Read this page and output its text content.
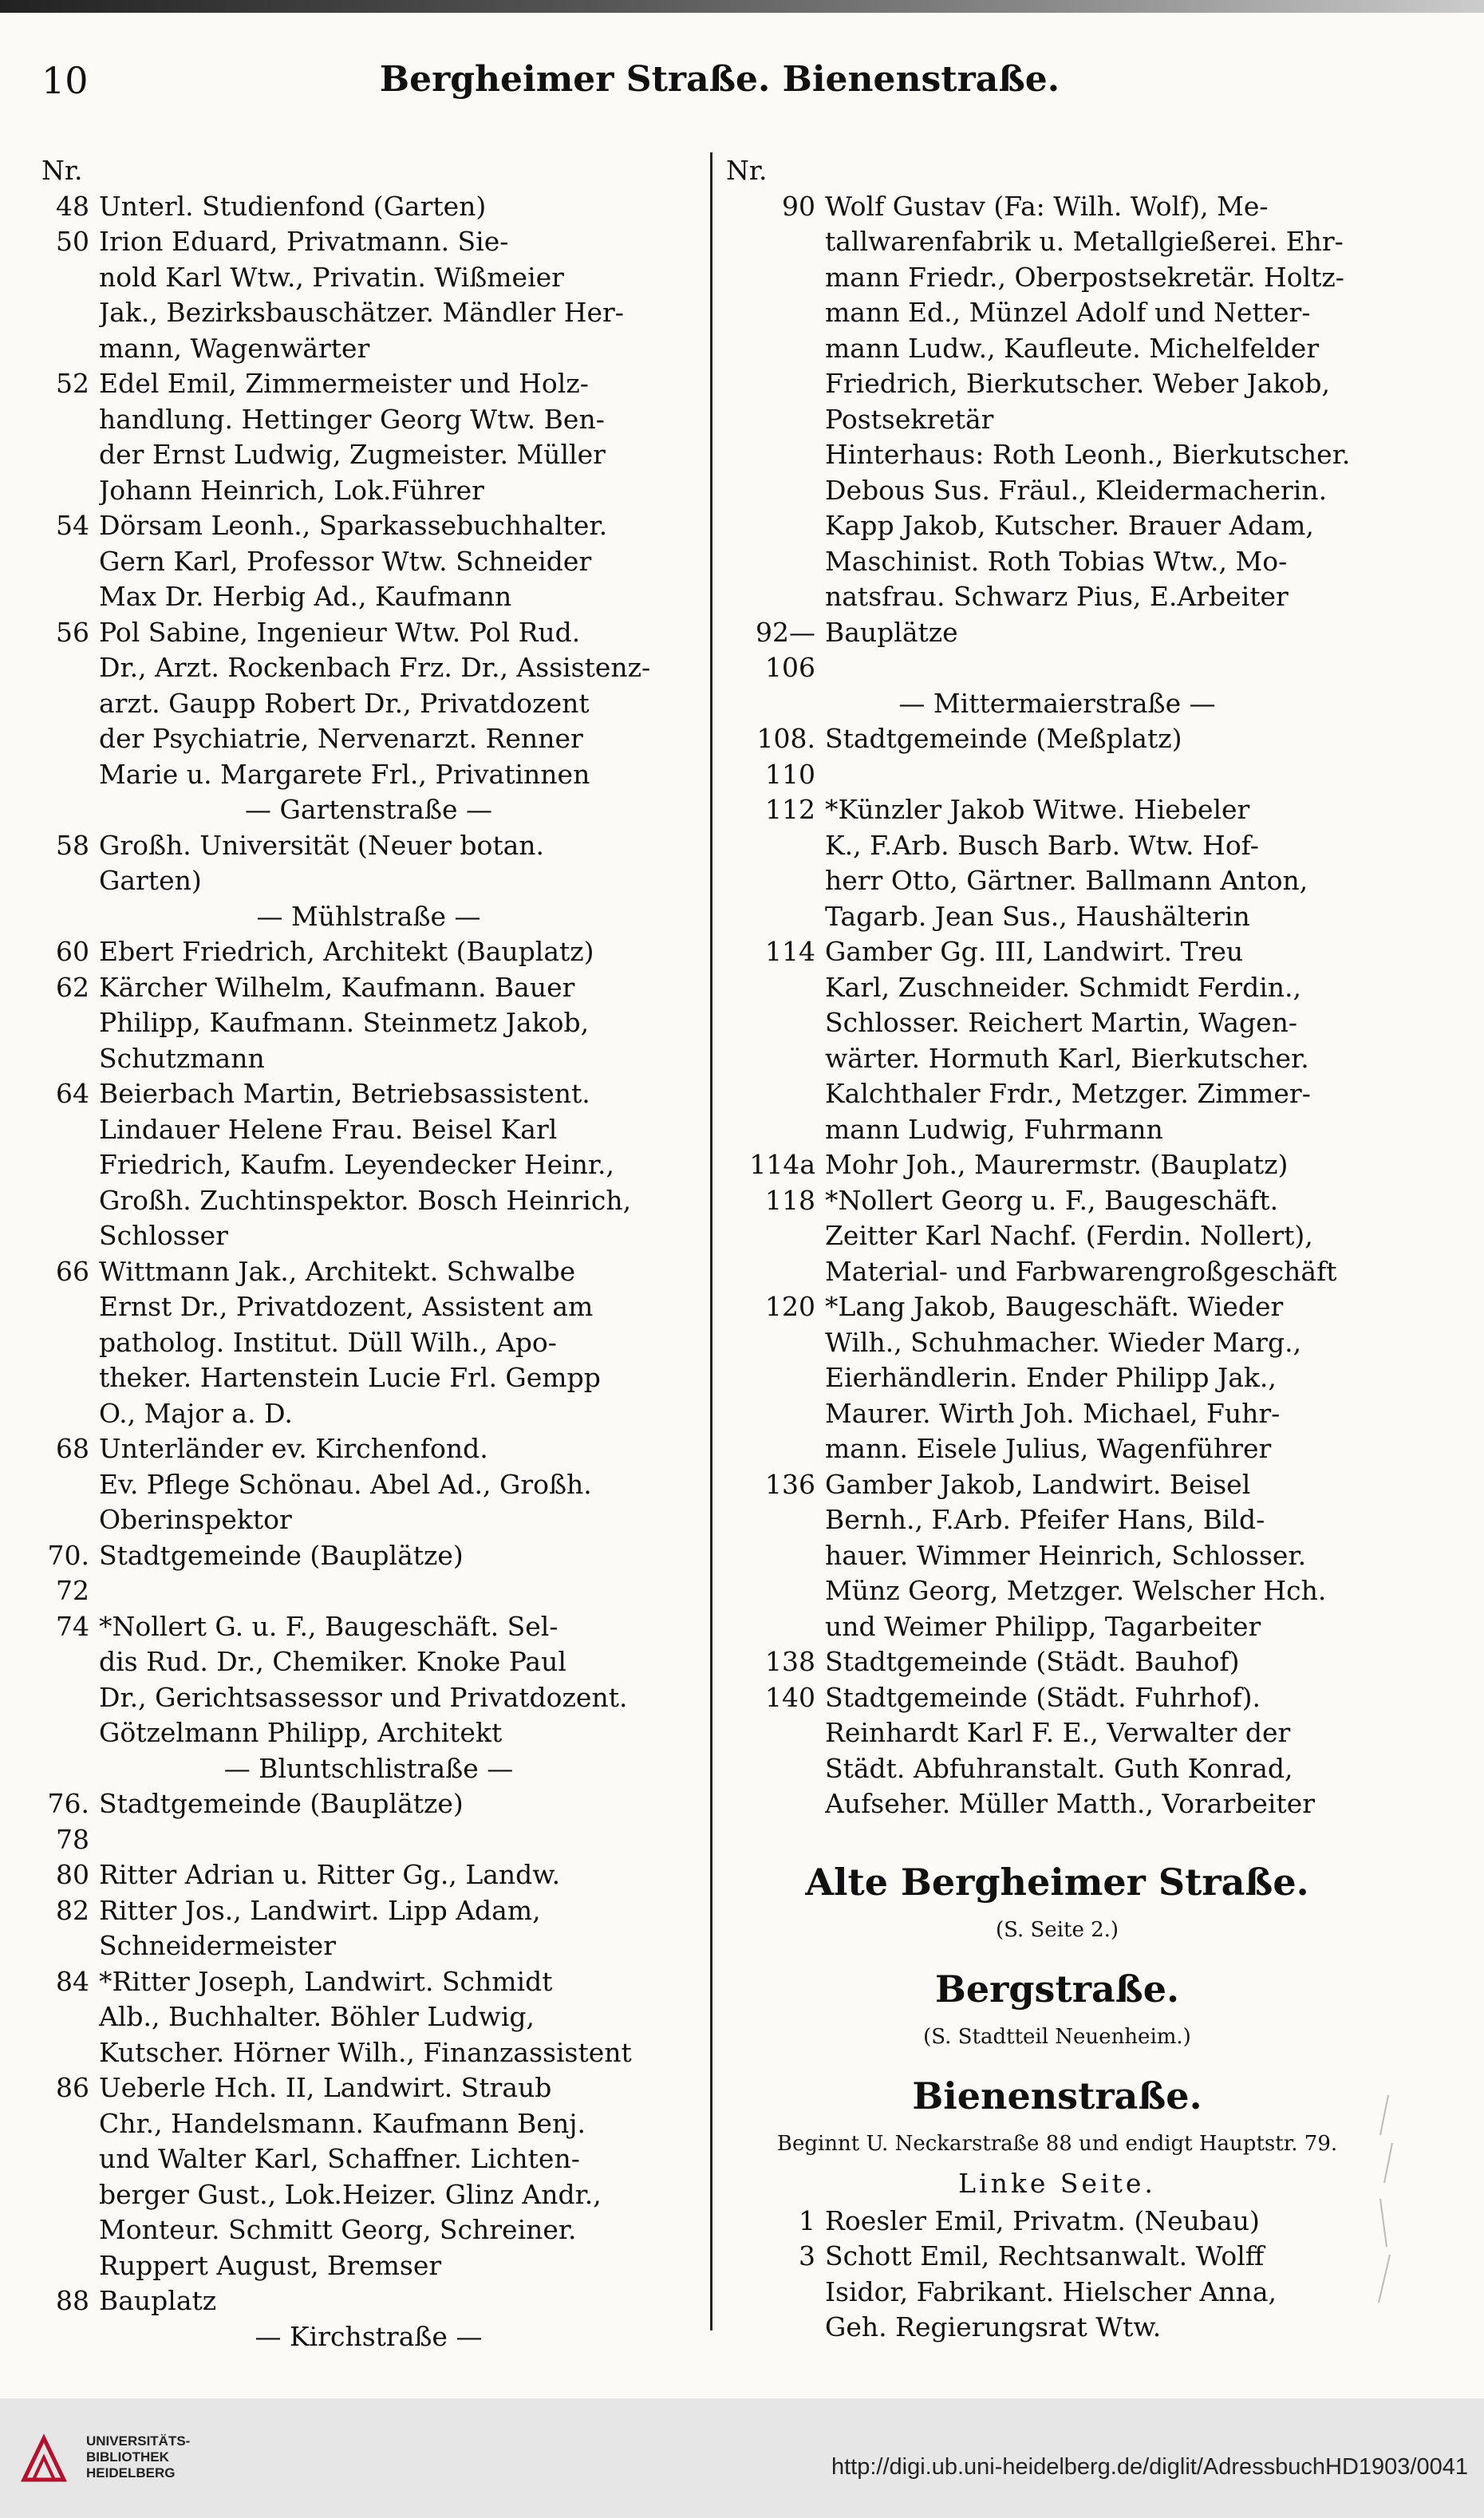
10	Bergheimer Straße. Bienenstraße.
Nr.
48 Unterl. Studienfond (Garten)
50 Irion Eduard, Privatmann. Sie-
nold Karl Wtw., Privatin. Wißmeier
Jak., Bezirksbauschätzer. Mändler Her-
mann, Wagenwärter
52 Edel Emil, Zimmermeister und Holz-
handlung. Hettinger Georg Wtw. Ben-
der Ernst Ludwig, Zugmeister. Müller
Johann Heinrich, Lok.Führer
54 Dörsam Leonh., Sparkassebuchhalter.
Gern Karl, Professor Wtw. Schneider
Max Dr. Herbig Ad., Kaufmann
56 Pol Sabine, Ingenieur Wtw. Pol Rud.
Dr., Arzt. Rockenbach Frz. Dr., Assistenz-
arzt. Gaupp Robert Dr., Privatdozent
der Psychiatrie, Nervenarzt. Renner
Marie u. Margarete Frl., Privatinnen
— Gartenstraße —
58 Großh. Universität (Neuer botan.
Garten)
— Mühlstraße —
60 Ebert Friedrich, Architekt (Bauplatz)
62 Kärcher Wilhelm, Kaufmann. Bauer
Philipp, Kaufmann. Steinmetz Jakob,
Schutzmann
64 Beierbach Martin, Betriebsassistent.
Lindauer Helene Frau. Beisel Karl
Friedrich, Kaufm. Leyendecker Heinr.,
Großh. Zuchtinspektor. Bosch Heinrich,
Schlosser
66 Wittmann Jak., Architekt. Schwalbe
Ernst Dr., Privatdozent, Assistent am
patholog. Institut. Düll Wilh., Apo-
theker. Hartenstein Lucie Frl. Gempp
O., Major a. D.
68 Unterländer ev. Kirchenfond.
Ev. Pflege Schönau. Abel Ad., Großh.
Oberinspektor
70. 72
Stadtgemeinde (Bauplätze)
74 *Nollert G. u. F., Baugeschäft. Sel-
dis Rud. Dr., Chemiker. Knoke Paul
Dr., Gerichtsassessor und Privatdozent.
Götzelmann Philipp, Architekt
— Bluntschlistraße —
76. 78
Stadtgemeinde (Bauplätze)
80 Ritter Adrian u. Ritter Gg., Landw.
82 Ritter Jos., Landwirt. Lipp Adam,
Schneidermeister
84 *Ritter Joseph, Landwirt. Schmidt
Alb., Buchhalter. Böhler Ludwig,
Kutscher. Hörner Wilh., Finanzassistent
86 Ueberle Hch. II, Landwirt. Straub
Chr., Handelsmann. Kaufmann Benj.
und Walter Karl, Schaffner. Lichten-
berger Gust., Lok.Heizer. Glinz Andr.,
Monteur. Schmitt Georg, Schreiner.
Ruppert August, Bremser
88 Bauplatz
— Kirchstraße —
Nr.
90 Wolf Gustav (Fa: Wilh. Wolf), Me-
tallwarenfabrik u. Metallgießerei. Ehr-
mann Friedr., Oberpostsekretär. Holtz-
mann Ed., Münzel Adolf und Netter-
mann Ludw., Kaufleute. Michelfelder
Friedrich, Bierkutscher. Weber Jakob,
Postsekretär
Hinterhaus: Roth Leonh., Bierkutscher.
Debous Sus. Fräul., Kleidermacherin.
Kapp Jakob, Kutscher. Brauer Adam,
Maschinist. Roth Tobias Wtw., Mo-
natsfrau. Schwarz Pius, E.Arbeiter
92—106
Bauplätze
— Mittermaierstraße —
108. 110
Stadtgemeinde (Meßplatz)
112 *Künzler Jakob Witwe. Hiebeler
K., F.Arb. Busch Barb. Wtw. Hof-
herr Otto, Gärtner. Ballmann Anton,
Tagarb. Jean Sus., Haushälterin
114 Gamber Gg. III, Landwirt. Treu
Karl, Zuschneider. Schmidt Ferdin.,
Schlosser. Reichert Martin, Wagen-
wärter. Hormuth Karl, Bierkutscher.
Kalchthaler Frdr., Metzger. Zimmer-
mann Ludwig, Fuhrmann
114a Mohr Joh., Maurermstr. (Bauplatz)
118 *Nollert Georg u. F., Baugeschäft.
Zeitter Karl Nachf. (Ferdin. Nollert),
Material- und Farbwarengroßgeschäft
120 *Lang Jakob, Baugeschäft. Wieder
Wilh., Schuhmacher. Wieder Marg.,
Eierhändlerin. Ender Philipp Jak.,
Maurer. Wirth Joh. Michael, Fuhr-
mann. Eisele Julius, Wagenführer
136 Gamber Jakob, Landwirt. Beisel
Bernh., F.Arb. Pfeifer Hans, Bild-
hauer. Wimmer Heinrich, Schlosser.
Münz Georg, Metzger. Welscher Hch.
und Weimer Philipp, Tagarbeiter
138 Stadtgemeinde (Städt. Bauhof)
140 Stadtgemeinde (Städt. Fuhrhof).
Reinhardt Karl F. E., Verwalter der
Städt. Abfuhranstalt. Guth Konrad,
Aufseher. Müller Matth., Vorarbeiter
Alte Bergheimer Straße.
(S. Seite 2.)
Bergstraße.
(S. Stadtteil Neuenheim.)
Bienenstraße.
Beginnt U. Neckarstraße 88 und endigt Hauptstr. 79.
Linke Seite.
1 Roesler Emil, Privatm. (Neubau)
3 Schott Emil, Rechtsanwalt. Wolff
Isidor, Fabrikant. Hielscher Anna,
Geh. Regierungsrat Wtw.
UNIVERSITÄTS-
BIBLIOTHEK
HEIDELBERG	http://digi.ub.uni-heidelberg.de/diglit/AdressbuchHD1903/0041
